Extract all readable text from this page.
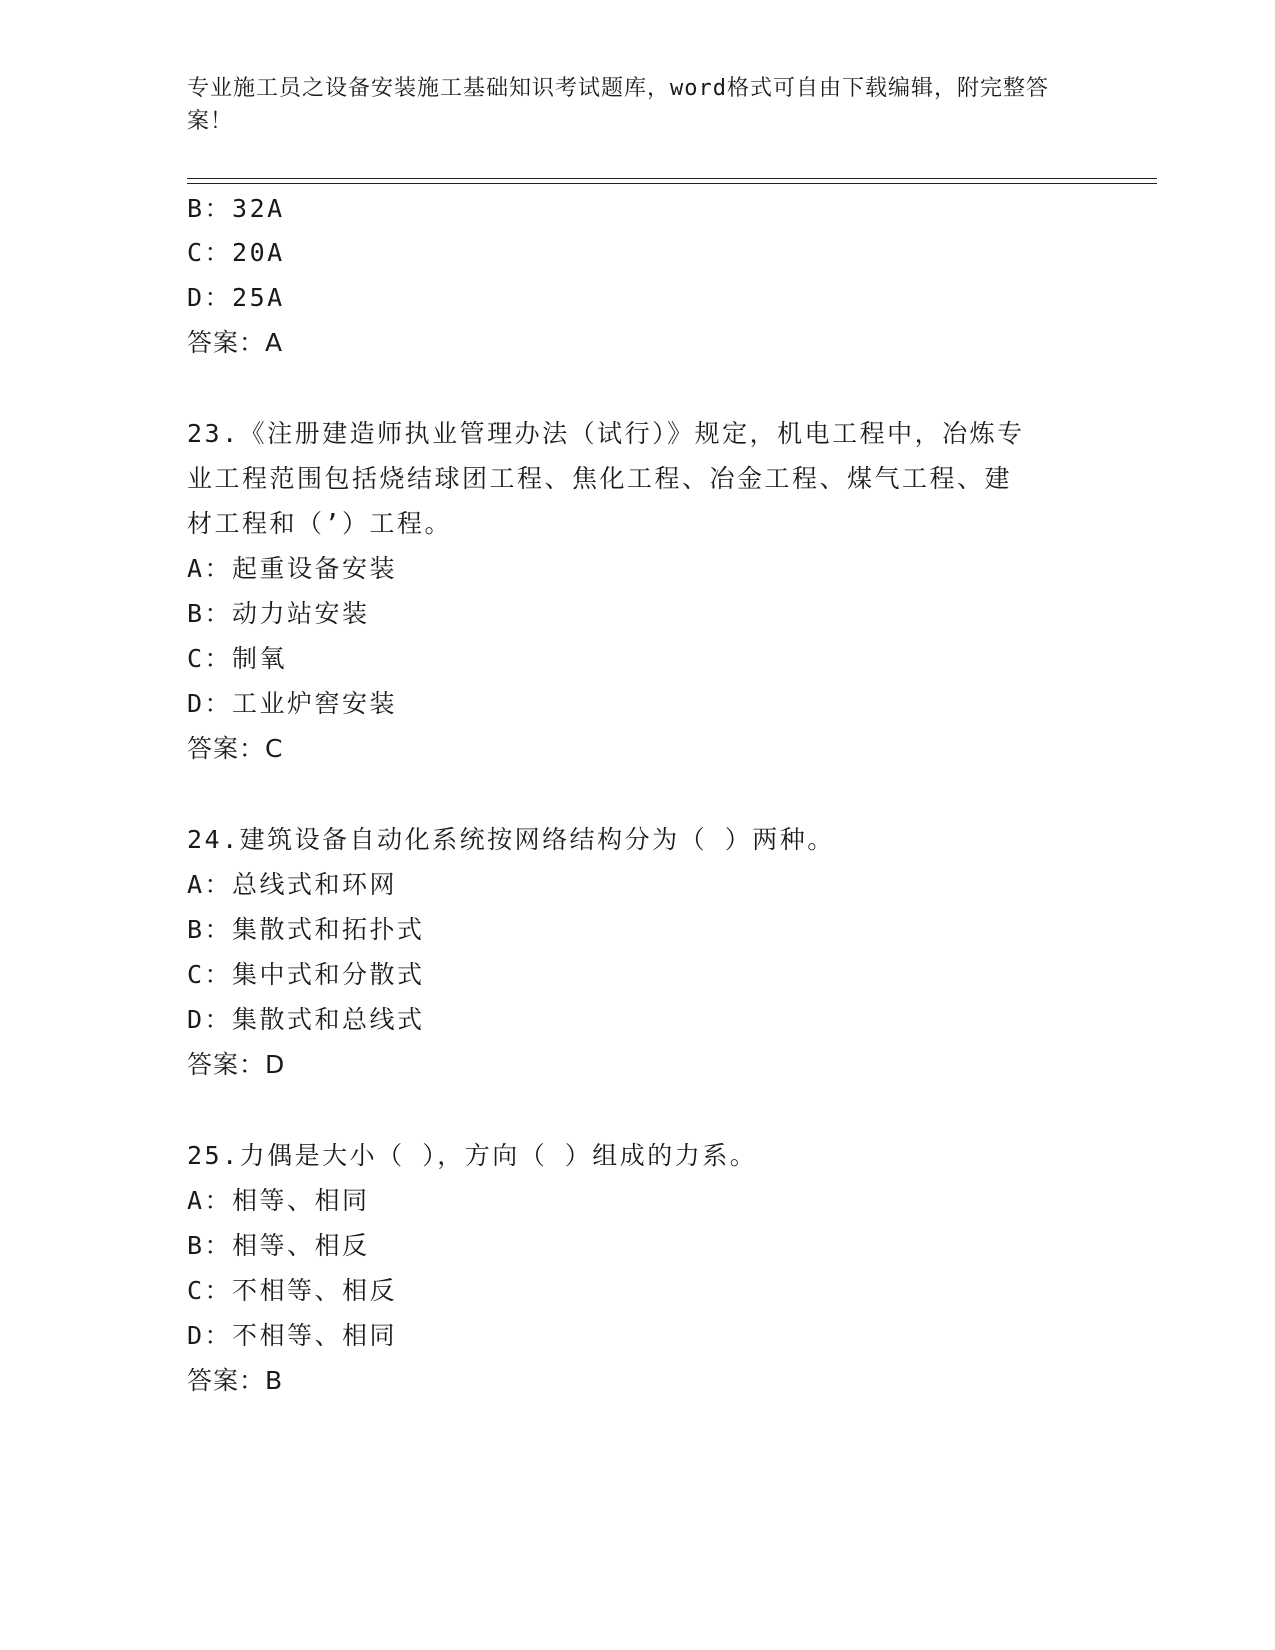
专业施工员之设备安装施工基础知识考试题库，word格式可自由下载编辑，附完整答案！
B：32A
C：20A
D：25A
答案：A
23.《注册建造师执业管理办法（试行）》规定，机电工程中，冶炼专
业工程范围包括烧结球团工程、焦化工程、冶金工程、煤气工程、建
材工程和（’）工程。
A：起重设备安装
B：动力站安装
C：制氧
D：工业炉窖安装
答案：C
24.建筑设备自动化系统按网络结构分为（ ）两种。
A：总线式和环网
B：集散式和拓扑式
C：集中式和分散式
D：集散式和总线式
答案：D
25.力偶是大小（ ），方向（ ）组成的力系。
A：相等、相同
B：相等、相反
C：不相等、相反
D：不相等、相同
答案：B
